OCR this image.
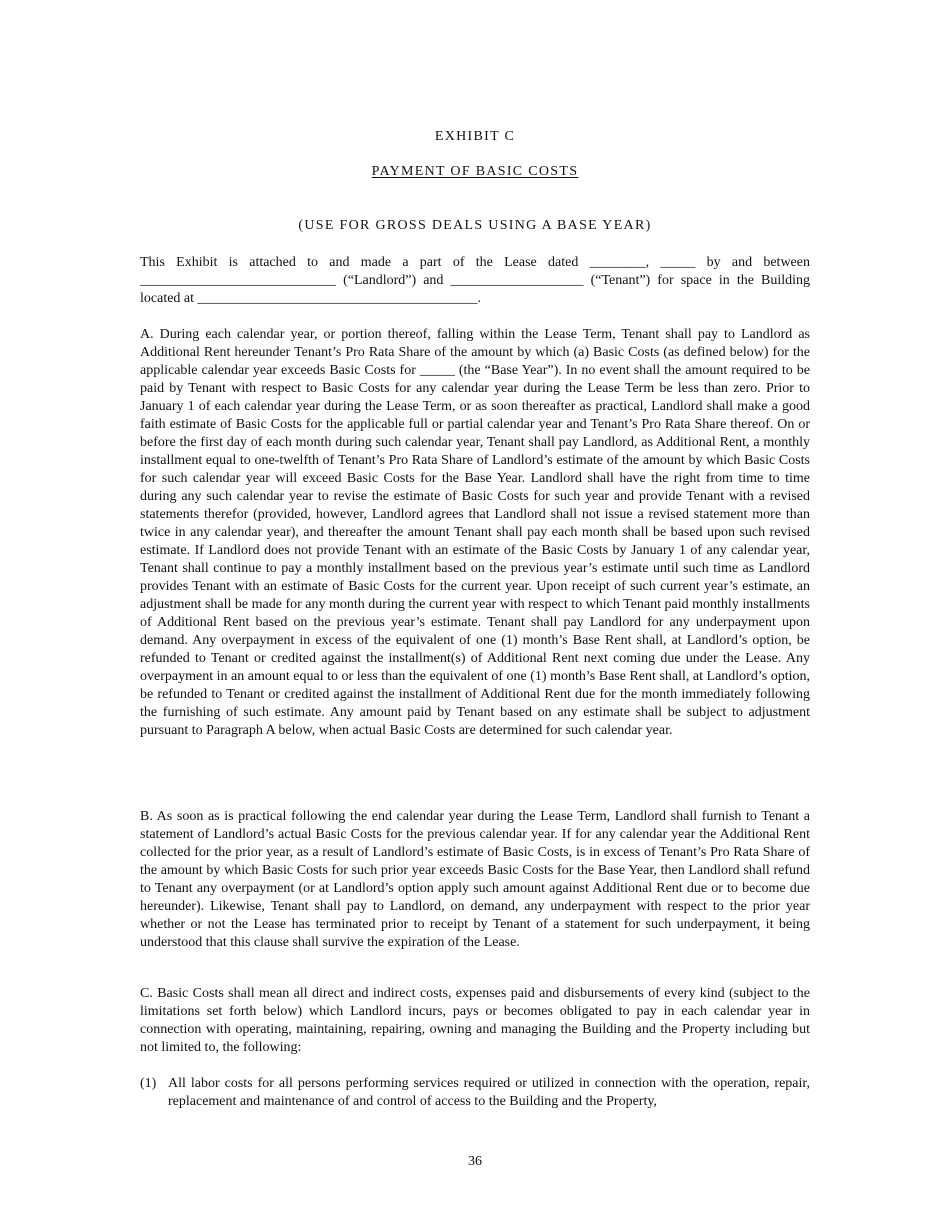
EXHIBIT C
PAYMENT OF BASIC COSTS
(USE FOR GROSS DEALS USING A BASE YEAR)
This Exhibit is attached to and made a part of the Lease dated ________, _____ by and between ____________________________ (“Landlord”) and ___________________ (“Tenant”) for space in the Building located at ________________________________________.
A. During each calendar year, or portion thereof, falling within the Lease Term, Tenant shall pay to Landlord as Additional Rent hereunder Tenant’s Pro Rata Share of the amount by which (a) Basic Costs (as defined below) for the applicable calendar year exceeds Basic Costs for _____ (the “Base Year”). In no event shall the amount required to be paid by Tenant with respect to Basic Costs for any calendar year during the Lease Term be less than zero. Prior to January 1 of each calendar year during the Lease Term, or as soon thereafter as practical, Landlord shall make a good faith estimate of Basic Costs for the applicable full or partial calendar year and Tenant’s Pro Rata Share thereof. On or before the first day of each month during such calendar year, Tenant shall pay Landlord, as Additional Rent, a monthly installment equal to one-twelfth of Tenant’s Pro Rata Share of Landlord’s estimate of the amount by which Basic Costs for such calendar year will exceed Basic Costs for the Base Year. Landlord shall have the right from time to time during any such calendar year to revise the estimate of Basic Costs for such year and provide Tenant with a revised statements therefor (provided, however, Landlord agrees that Landlord shall not issue a revised statement more than twice in any calendar year), and thereafter the amount Tenant shall pay each month shall be based upon such revised estimate. If Landlord does not provide Tenant with an estimate of the Basic Costs by January 1 of any calendar year, Tenant shall continue to pay a monthly installment based on the previous year’s estimate until such time as Landlord provides Tenant with an estimate of Basic Costs for the current year. Upon receipt of such current year’s estimate, an adjustment shall be made for any month during the current year with respect to which Tenant paid monthly installments of Additional Rent based on the previous year’s estimate. Tenant shall pay Landlord for any underpayment upon demand. Any overpayment in excess of the equivalent of one (1) month’s Base Rent shall, at Landlord’s option, be refunded to Tenant or credited against the installment(s) of Additional Rent next coming due under the Lease. Any overpayment in an amount equal to or less than the equivalent of one (1) month’s Base Rent shall, at Landlord’s option, be refunded to Tenant or credited against the installment of Additional Rent due for the month immediately following the furnishing of such estimate. Any amount paid by Tenant based on any estimate shall be subject to adjustment pursuant to Paragraph A below, when actual Basic Costs are determined for such calendar year.
B. As soon as is practical following the end calendar year during the Lease Term, Landlord shall furnish to Tenant a statement of Landlord’s actual Basic Costs for the previous calendar year. If for any calendar year the Additional Rent collected for the prior year, as a result of Landlord’s estimate of Basic Costs, is in excess of Tenant’s Pro Rata Share of the amount by which Basic Costs for such prior year exceeds Basic Costs for the Base Year, then Landlord shall refund to Tenant any overpayment (or at Landlord’s option apply such amount against Additional Rent due or to become due hereunder). Likewise, Tenant shall pay to Landlord, on demand, any underpayment with respect to the prior year whether or not the Lease has terminated prior to receipt by Tenant of a statement for such underpayment, it being understood that this clause shall survive the expiration of the Lease.
C. Basic Costs shall mean all direct and indirect costs, expenses paid and disbursements of every kind (subject to the limitations set forth below) which Landlord incurs, pays or becomes obligated to pay in each calendar year in connection with operating, maintaining, repairing, owning and managing the Building and the Property including but not limited to, the following:
(1) All labor costs for all persons performing services required or utilized in connection with the operation, repair, replacement and maintenance of and control of access to the Building and the Property,
36
